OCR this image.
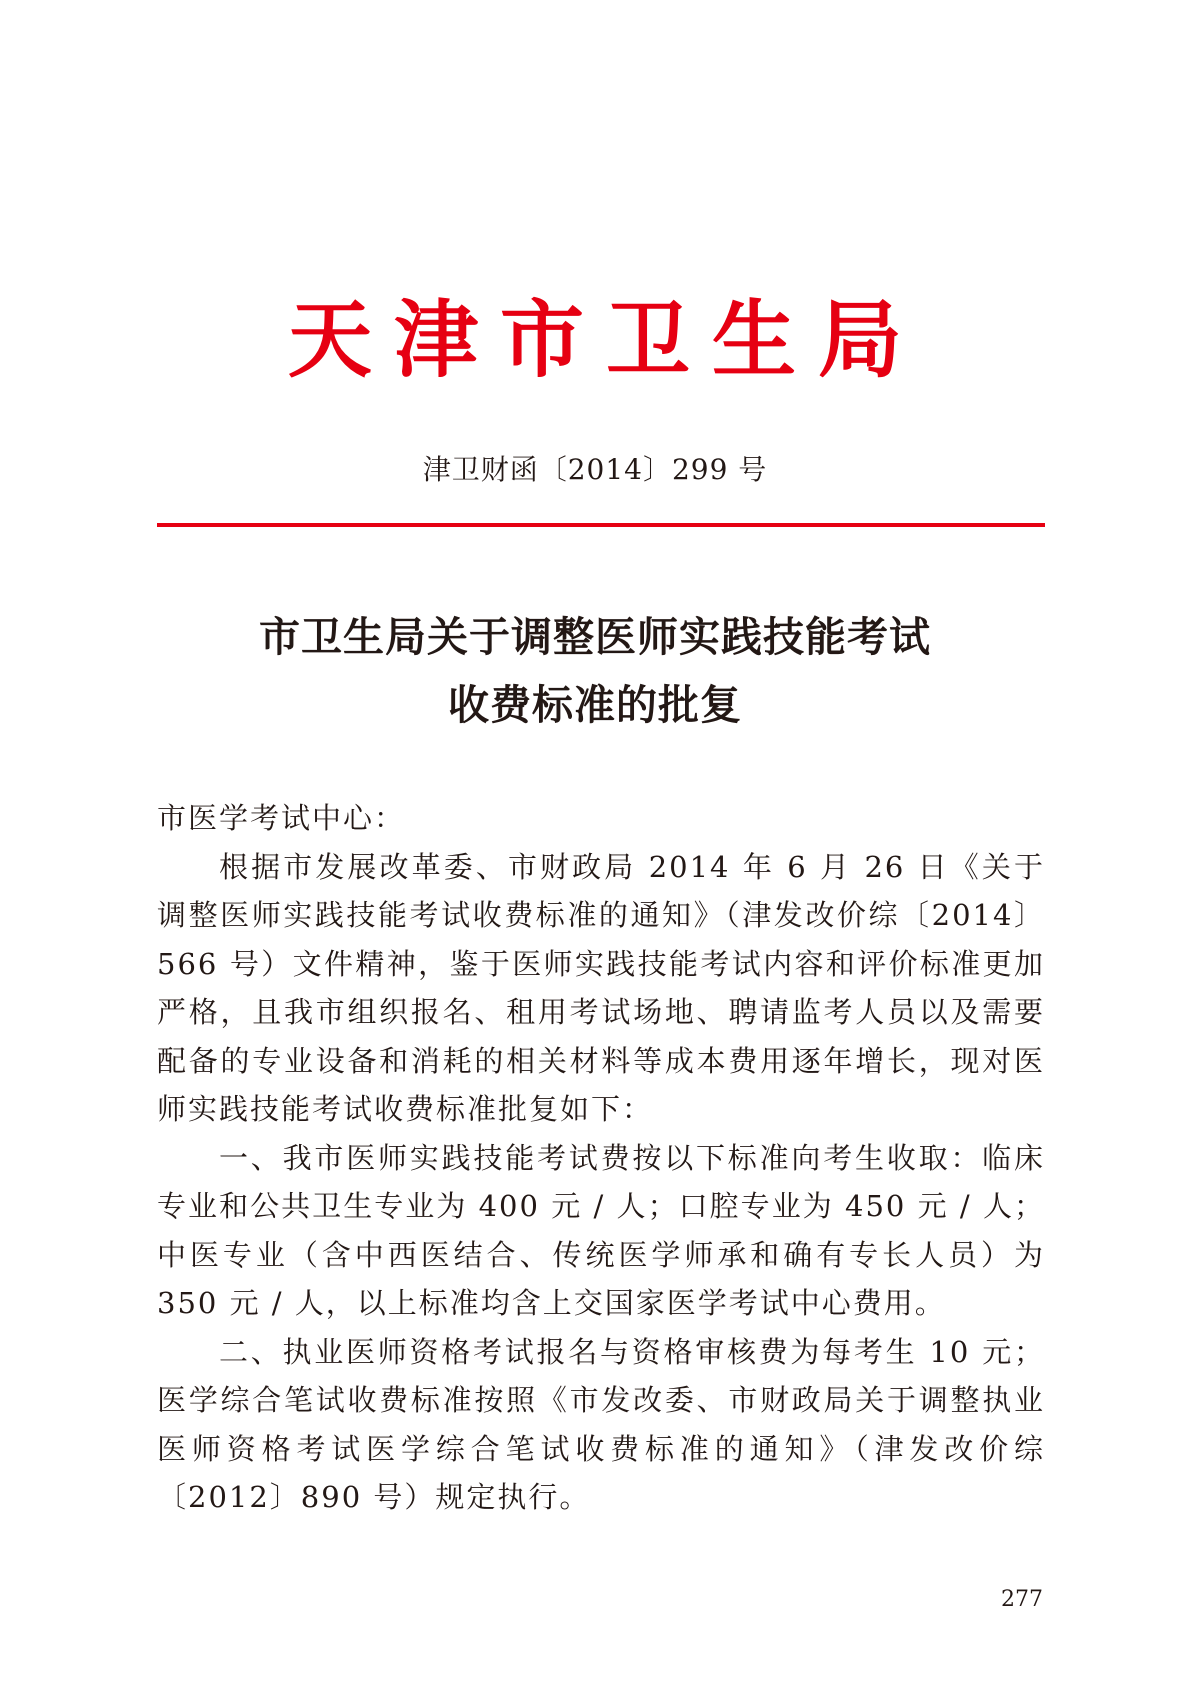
天津市卫生局
津卫财函〔2014〕299 号
市卫生局关于调整医师实践技能考试
收费标准的批复

市医学考试中心：

根据市发展改革委、市财政局 2014 年 6 月 26 日《关于调整医师实践技能考试收费标准的通知》（津发改价综〔2014〕566 号）文件精神，鉴于医师实践技能考试内容和评价标准更加严格，且我市组织报名、租用考试场地、聘请监考人员以及需要配备的专业设备和消耗的相关材料等成本费用逐年增长，现对医师实践技能考试收费标准批复如下：

一、我市医师实践技能考试费按以下标准向考生收取：临床专业和公共卫生专业为 400 元 / 人；口腔专业为 450 元 / 人；中医专业（含中西医结合、传统医学师承和确有专长人员）为 350 元 / 人，以上标准均含上交国家医学考试中心费用。

二、执业医师资格考试报名与资格审核费为每考生 10 元；医学综合笔试收费标准按照《市发改委、市财政局关于调整执业医师资格考试医学综合笔试收费标准的通知》（津发改价综〔2012〕890 号）规定执行。

277
